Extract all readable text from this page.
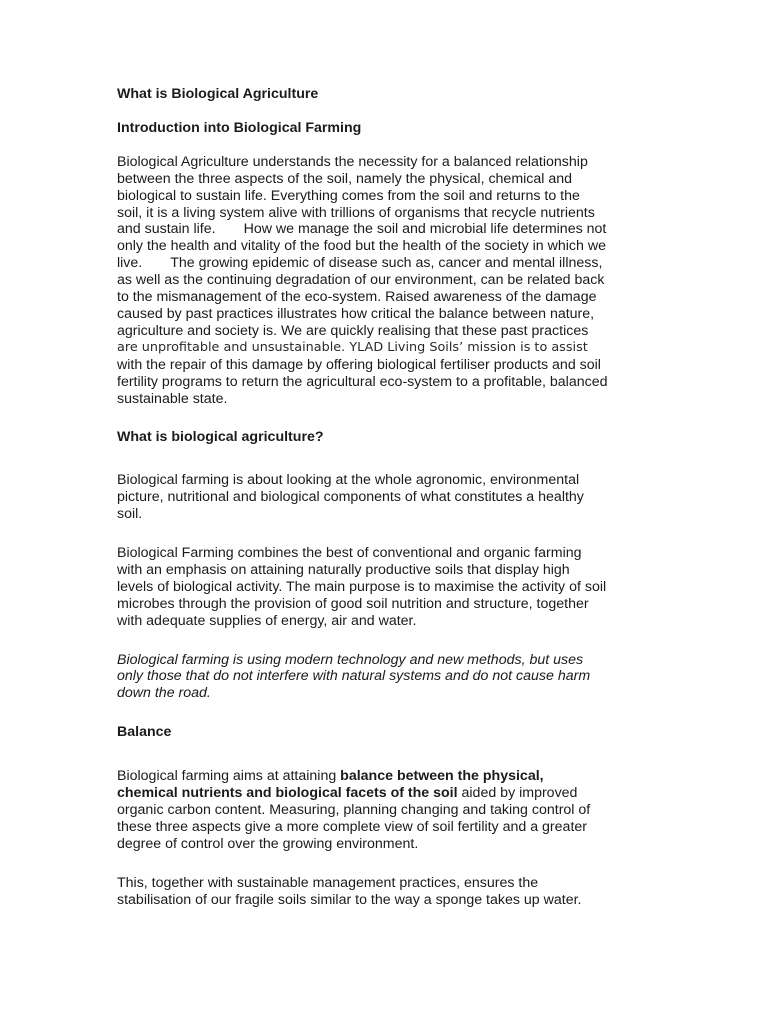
What is Biological Agriculture

Introduction into Biological Farming

Biological Agriculture understands the necessity for a balanced relationship
between the three aspects of the soil, namely the physical, chemical and
biological to sustain life. Everything comes from the soil and returns to the
soil, it is a living system alive with trillions of organisms that recycle nutrients
and sustain life. How we manage the soil and microbial life determines not
only the health and vitality of the food but the health of the society in which we
live. The growing epidemic of disease such as, cancer and mental illness,
as well as the continuing degradation of our environment, can be related back
to the mismanagement of the eco-system. Raised awareness of the damage
caused by past practices illustrates how critical the balance between nature,
agriculture and society is. We are quickly realising that these past practices
are unprofitable and unsustainable. YLAD Living Soils’ mission is to assist
with the repair of this damage by offering biological fertiliser products and soil
fertility programs to return the agricultural eco-system to a profitable, balanced
sustainable state.

What is biological agriculture?

Biological farming is about looking at the whole agronomic, environmental
picture, nutritional and biological components of what constitutes a healthy
soil.
Biological Farming combines the best of conventional and organic farming
with an emphasis on attaining naturally productive soils that display high
levels of biological activity. The main purpose is to maximise the activity of soil
microbes through the provision of good soil nutrition and structure, together
with adequate supplies of energy, air and water.
Biological farming is using modern technology and new methods, but uses
only those that do not interfere with natural systems and do not cause harm
down the road.

Balance

Biological farming aims at attaining balance between the physical,
chemical nutrients and biological facets of the soil aided by improved
organic carbon content. Measuring, planning changing and taking control of
these three aspects give a more complete view of soil fertility and a greater
degree of control over the growing environment.
This, together with sustainable management practices, ensures the
stabilisation of our fragile soils similar to the way a sponge takes up water.
